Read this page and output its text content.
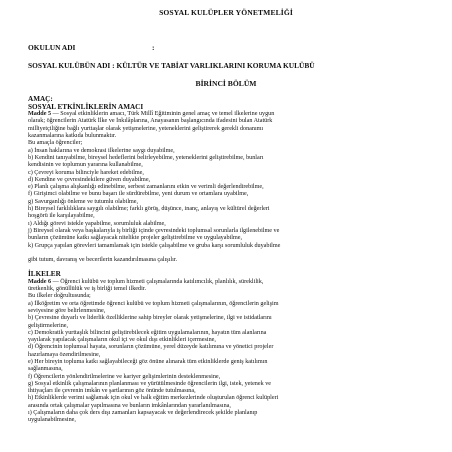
SOSYAL KULÜPLER YÖNETMELİĞİ
OKULUN ADI	:
SOSYAL KULÜBÜN ADI : KÜLTÜR VE TABİAT VARLIKLARINI KORUMA KULÜBÜ
BİRİNCİ BÖLÜM
AMAÇ:
SOSYAL ETKİNLİKLERİN AMACI

Madde 5 — Sosyal etkinliklerin amacı, Türk Millî Eğitiminin genel amaç ve temel ilkelerine uygun

olarak; öğrencilerin Atatürk İlke ve İnkılâplarına, Anayasanın başlangıcında ifadesini bulan Atatürk

milliyetçiliğine bağlı yurttaşlar olarak yetişmelerine, yeteneklerini geliştirerek gerekli donanımı

kazanmalarına katkıda bulunmaktır.

Bu amaçla öğrenciler;

a) İnsan haklarına ve demokrasi ilkelerine saygı duyabilme,

b) Kendini tanıyabilme, bireysel hedeflerini belirleyebilme, yeteneklerini geliştirebilme, bunları

kendisinin ve toplumun yararına kullanabilme,

c) Çevreyi koruma bilinciyle hareket edebilme,

d) Kendine ve çevresindekilere güven duyabilme,

e) Planlı çalışma alışkanlığı edinebilme, serbest zamanlarını etkin ve verimli değerlendirebilme,

f) Girişimci olabilme ve bunu başarı ile sürdürebilme, yeni durum ve ortamlara uyabilme,

g) Savurganlığı önleme ve tutumlu olabilme,

h) Bireysel farklılıklara saygılı olabilme; farklı görüş, düşünce, inanç, anlayış ve kültürel değerleri

hoşgörü ile karşılayabilme,

ı) Aldığı görevi istekle yapabilme, sorumluluk alabilme,

j) Bireysel olarak veya başkalarıyla iş birliği içinde çevresindeki toplumsal sorunlarla ilgilenebilme ve

bunların çözümüne katkı sağlayacak nitelikte projeler geliştirebilme ve uygulayabilme,

k) Grupça yapılan görevleri tamamlamak için istekle çalışabilme ve gruba karşı sorumluluk duyabilme

gibi tutum, davranış ve becerilerin kazandırılmasına çalışılır.

İLKELER

Madde 6 — Öğrenci kulübü ve toplum hizmeti çalışmalarında katılımcılık, planlılık, süreklilik,

üretkenlik, gönüllülük ve iş birliği temel ilkedir.

Bu ilkeler doğrultusunda;

a) İlköğretim ve orta öğretimde öğrenci kulübü ve toplum hizmeti çalışmalarının, öğrencilerin gelişim

seviyesine göre belirlenmesine,

b) Çevresine duyarlı ve liderlik özelliklerine sahip bireyler olarak yetişmelerine, ilgi ve istidatlarını

geliştirmelerine,

c) Demokratik yurttaşlık bilincini geliştirebilecek eğitim uygulamalarının, hayatın tüm alanlarına

yayılarak yapılacak çalışmaların okul içi ve okul dışı etkinlikleri içermesine,

d) Öğrencinin toplumsal hayata, sorunların çözümüne, yerel düzeyde katılımına ve yönetici projeler

hazırlamaya özendirilmesine,

e) Her bireyin topluma katkı sağlayabileceği göz önüne alınarak tüm etkinliklerde geniş katılımın

sağlanmasına,

f) Öğrencilerin yönlendirilmelerine ve kariyer gelişimlerinin desteklenmesine,

g) Sosyal etkinlik çalışmalarının planlanması ve yürütülmesinde öğrencilerin ilgi, istek, yetenek ve

ihtiyaçları ile çevrenin imkân ve şartlarının göz önünde tutulmasına,

h) Etkinliklerde verimi sağlamak için okul ve halk eğitim merkezlerinde oluşturulan öğrenci kulüpleri

arasında ortak çalışmalar yapılmasına ve bunların imkânlarından yararlanılmasına,

ı) Çalışmaların daha çok ders dışı zamanları kapsayacak ve değerlendirecek şekilde planlanıp

uygulanabilmesine,
